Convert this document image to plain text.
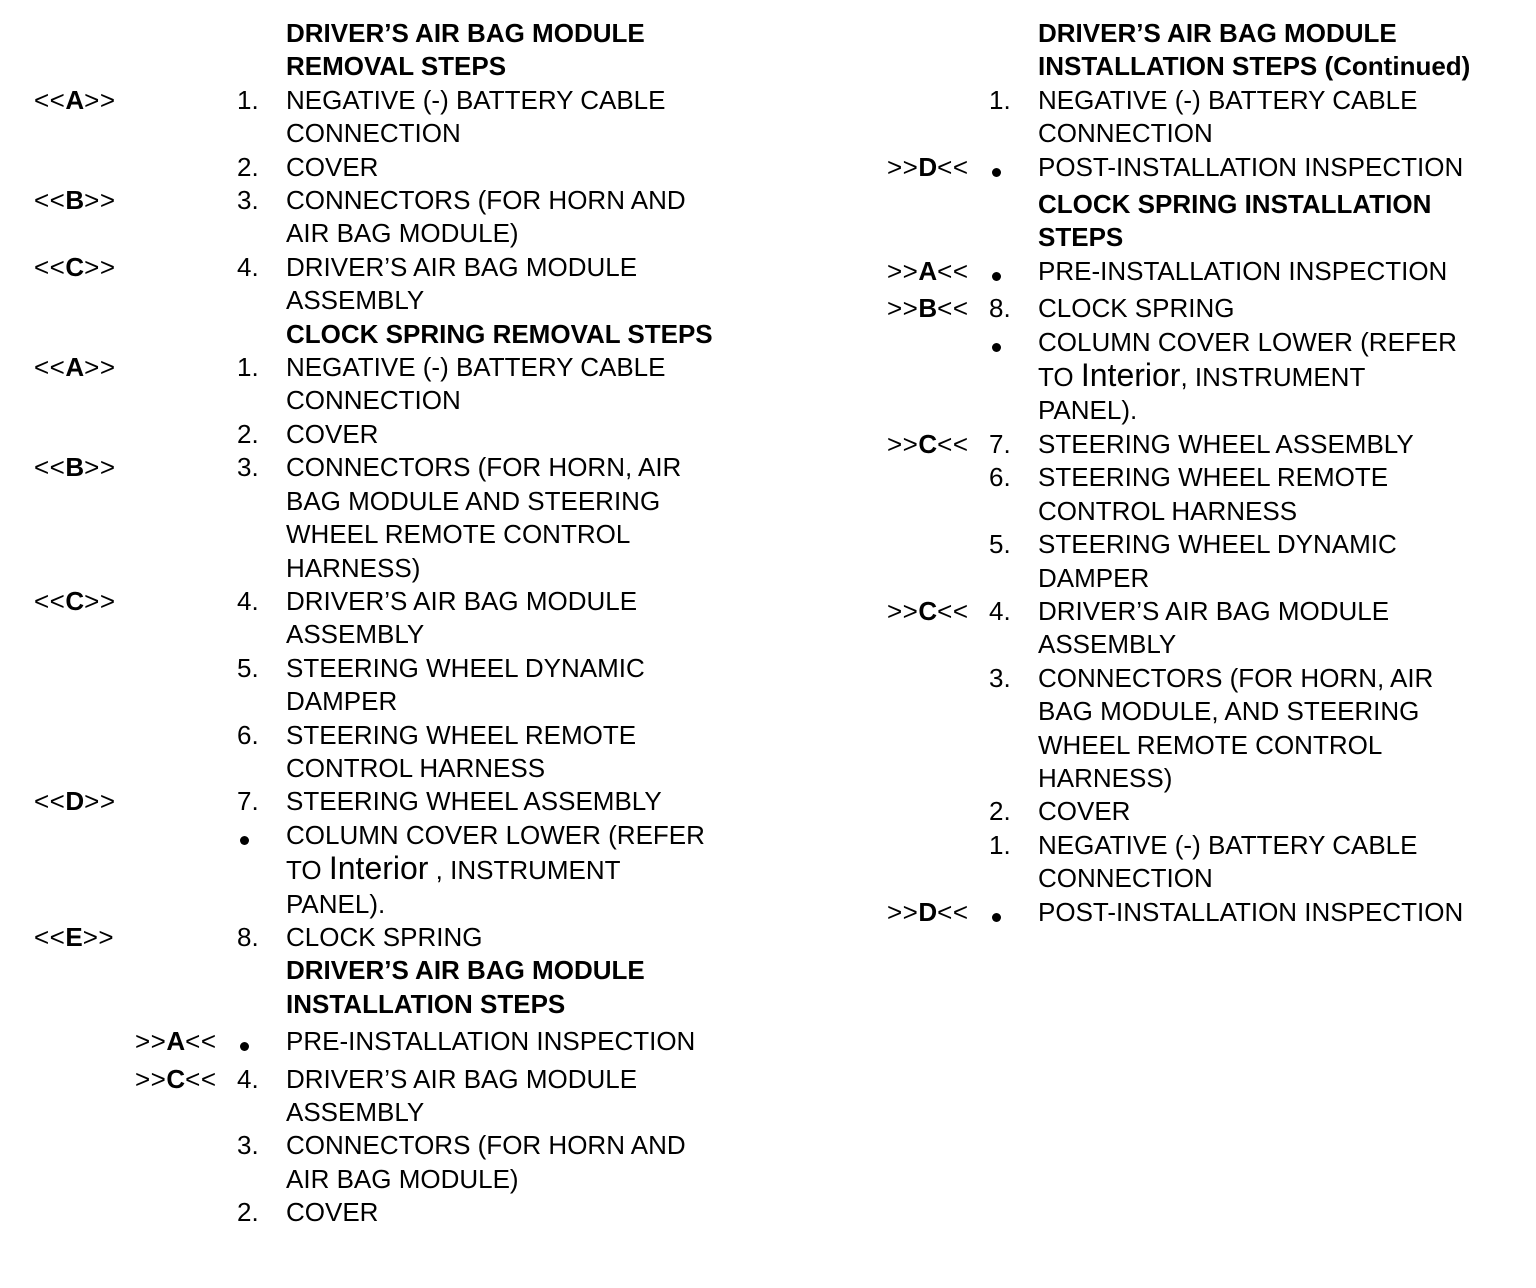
DRIVER’S AIR BAG MODULE
REMOVAL STEPS
<<A>>	1. NEGATIVE (-) BATTERY CABLE
CONNECTION
2. COVER
<<B>>	3. CONNECTORS (FOR HORN AND
AIR BAG MODULE)
<<C>>	4. DRIVER’S AIR BAG MODULE
ASSEMBLY
CLOCK SPRING REMOVAL STEPS
<<A>>	1. NEGATIVE (-) BATTERY CABLE
CONNECTION
2. COVER
<<B>>	3. CONNECTORS (FOR HORN, AIR
BAG MODULE AND STEERING
WHEEL REMOTE CONTROL
HARNESS)
<<C>>	4. DRIVER’S AIR BAG MODULE
ASSEMBLY
5. STEERING WHEEL DYNAMIC
DAMPER
6. STEERING WHEEL REMOTE
CONTROL HARNESS
<<D>>	7. STEERING WHEEL ASSEMBLY
COLUMN COVER LOWER (REFER
TO Interior , INSTRUMENT
PANEL).
<<E>>	8. CLOCK SPRING
DRIVER’S AIR BAG MODULE
INSTALLATION STEPS
>>A<<	PRE-INSTALLATION INSPECTION
>>C<< 4. DRIVER’S AIR BAG MODULE
ASSEMBLY
3. CONNECTORS (FOR HORN AND
AIR BAG MODULE)
2. COVER
DRIVER’S AIR BAG MODULE
INSTALLATION STEPS (Continued)
1. NEGATIVE (-) BATTERY CABLE
CONNECTION
>>D<<	POST-INSTALLATION INSPECTION
CLOCK SPRING INSTALLATION
STEPS
>>A<<	PRE-INSTALLATION INSPECTION
>>B<< 8. CLOCK SPRING
COLUMN COVER LOWER (REFER
TO Interior, INSTRUMENT
PANEL).
>>C<< 7. STEERING WHEEL ASSEMBLY
6. STEERING WHEEL REMOTE
CONTROL HARNESS
5. STEERING WHEEL DYNAMIC
DAMPER
>>C<< 4. DRIVER’S AIR BAG MODULE
ASSEMBLY
3. CONNECTORS (FOR HORN, AIR
BAG MODULE, AND STEERING
WHEEL REMOTE CONTROL
HARNESS)
2. COVER
1. NEGATIVE (-) BATTERY CABLE
CONNECTION
>>D<<	POST-INSTALLATION INSPECTION
